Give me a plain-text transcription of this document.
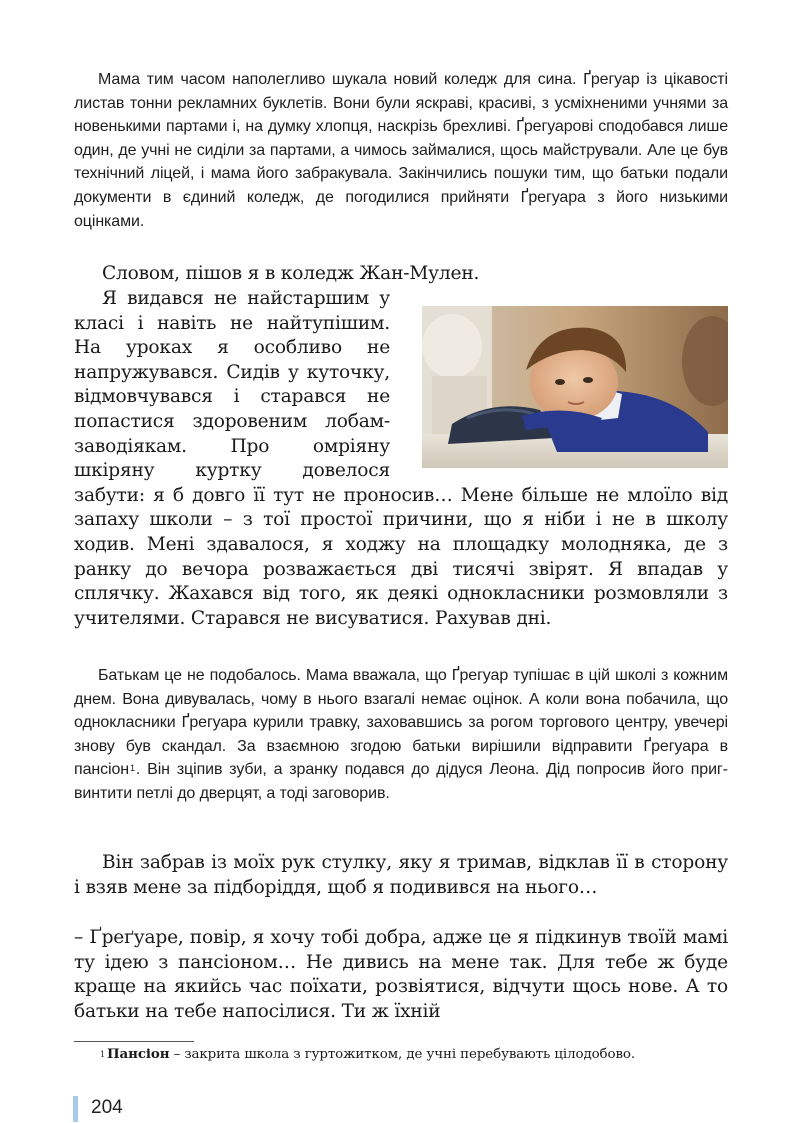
Мама тим часом наполегливо шукала новий коледж для сина. Ґрегуар із цікавості листав тонни рекламних буклетів. Вони були яскраві, красиві, з усміхненими учнями за новенькими партами і, на думку хлопця, наскрізь брехливі. Ґрегуарові сподобався лише один, де учні не сиділи за партами, а чимось займалися, щось майстрували. Але це був технічний ліцей, і мама його забракувала. Закінчились пошуки тим, що батьки подали документи в єдиний коледж, де погодилися прийняти Ґрегуара з його низькими оцінками.

Словом, пішов я в коледж Жан-Мулен.

Я видався не найстаршим у класі і навіть не найтупішим. На уроках я особливо не напружувався. Сидів у куточку, відмовчувався і старався не попастися здоровеним лобам-заводіякам. Про омріяну шкіряну куртку довелося забути: я б довго її тут не проносив… Мене більше не млоїло від запаху школи – з тої простої причини, що я ніби і не в школу ходив. Мені здавалося, я ходжу на площадку молодняка, де з ранку до вечора розважається дві тисячі звірят. Я впадав у сплячку. Жахався від того, як деякі однокласники розмовляли з учителями. Старався не висуватися. Рахував дні.

Батькам це не подобалось. Мама вважала, що Ґрегуар тупішає в цій школі з кожним днем. Вона дивувалась, чому в нього взагалі немає оцінок. А коли вона побачила, що однокласники Ґрегуара курили травку, заховавшись за рогом торгового центру, увечері знову був скандал. За взаємною згодою батьки вирішили відправити Ґрегуара в пансіон$^1$. Він зціпив зуби, а зранку подався до дідуся Леона. Дід попросив його пригвинтити петлі до дверцят, а тоді заговорив.

Він забрав із моїх рук стулку, яку я тримав, відклав її в сторону і взяв мене за підборіддя, щоб я подивився на нього…

– Ґреґуаре, повір, я хочу тобі добра, адже це я підкинув твоїй мамі ту ідею з пансіоном… Не дивись на мене так. Для тебе ж буде краще на якийсь час поїхати, розвіятися, відчути щось нове. А то батьки на тебе напосілися. Ти ж їхній

$^1$ Пансіон – закрита школа з гуртожитком, де учні перебувають цілодобово.
204
